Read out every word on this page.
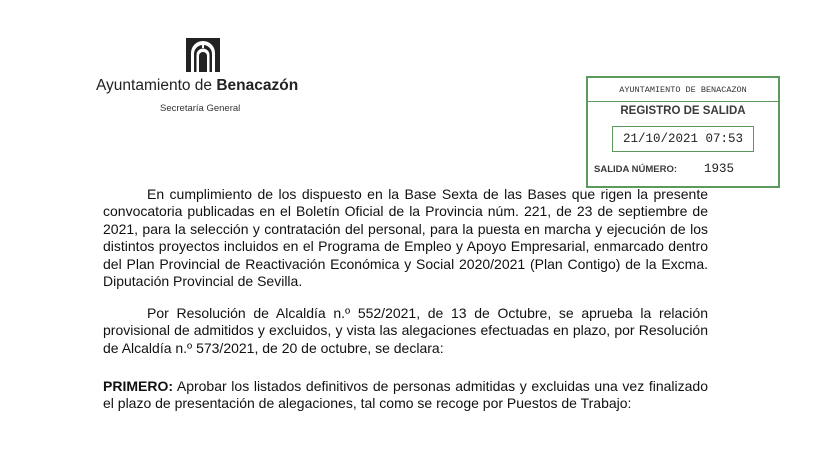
Ayuntamiento de Benacazón
Secretaría General
AYUNTAMIENTO DE BENACAZON
REGISTRO DE SALIDA
21/10/2021 07:53
SALIDA NÚMERO: 1935

En cumplimiento de los dispuesto en la Base Sexta de las Bases que rigen la presente convocatoria publicadas en el Boletín Oficial de la Provincia núm. 221, de 23 de septiembre de 2021, para la selección y contratación del personal, para la puesta en marcha y ejecución de los distintos proyectos incluidos en el Programa de Empleo y Apoyo Empresarial, enmarcado dentro del Plan Provincial de Reactivación Económica y Social 2020/2021 (Plan Contigo) de la Excma. Diputación Provincial de Sevilla.

Por Resolución de Alcaldía n.º 552/2021, de 13 de Octubre, se aprueba la relación provisional de admitidos y excluidos, y vista las alegaciones efectuadas en plazo, por Resolución de Alcaldía n.º 573/2021, de 20 de octubre, se declara:

PRIMERO: Aprobar los listados definitivos de personas admitidas y excluidas una vez finalizado el plazo de presentación de alegaciones, tal como se recoge por Puestos de Trabajo:
